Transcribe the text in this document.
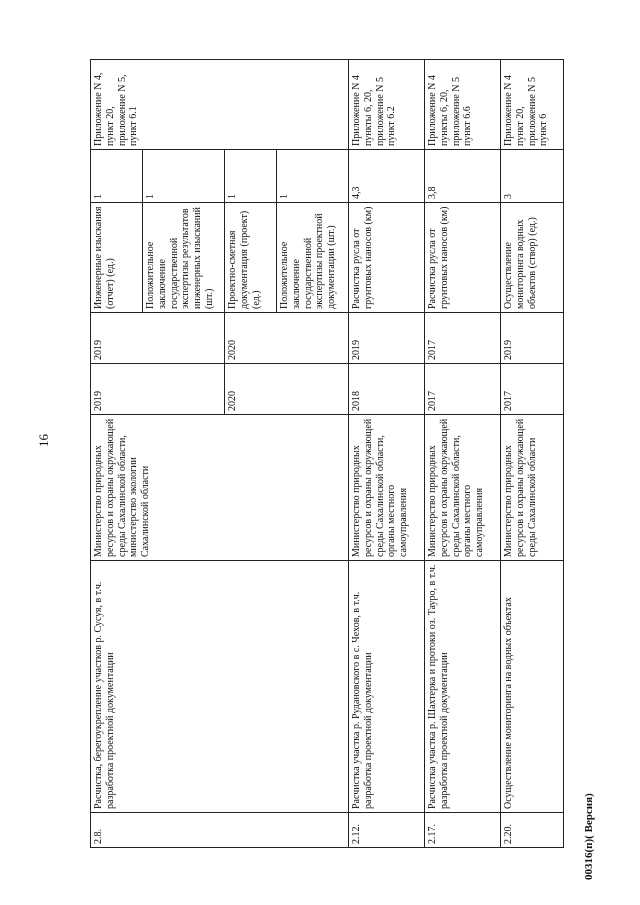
16
00316(п)( Версия)
2.8.	Расчистка, берегоукрепление участков р. Сусуя, в т.ч. разработка проектной документации	Министерство природных ресурсов и охраны окружающей среды Сахалинской области, министерство экологии Сахалинской области	2019	2019	Инженерные изыскания (отчет) (ед.)	1	Приложение N 4, пункт 20, приложение N 5, пункт 6.1
					Положительное заключение государственной экспертизы результатов инженерных изысканий (шт.)	1	
			2020	2020	Проектно-сметная документация (проект) (ед.)	1	
					Положительное заключение государственной экспертизы проектной документации (шт.)	1	
2.12.	Расчистка участка р. Рудановского в с. Чехов, в т.ч. разработка проектной документации	Министерство природных ресурсов и охраны окружающей среды Сахалинской области, органы местного самоуправления	2018	2019	Расчистка русла от грунтовых наносов (км)	4,3	Приложение N 4 пункты 6, 20, приложение N 5 пункт 6.2
2.17.	Расчистка участка р. Шахтерка и протоки оз. Тауро, в т.ч. разработка проектной документации	Министерство природных ресурсов и охраны окружающей среды Сахалинской области, органы местного самоуправления	2017	2017	Расчистка русла от грунтовых наносов (км)	3,8	Приложение N 4 пункты 6, 20, приложение N 5 пункт 6.6
2.20.	Осуществление мониторинга на водных объектах	Министерство природных ресурсов и охраны окружающей среды Сахалинской области	2017	2019	Осуществление мониторинга водных объектов (створ) (ед.)	3	Приложение N 4 пункт 20, приложение N 5 пункт 6
